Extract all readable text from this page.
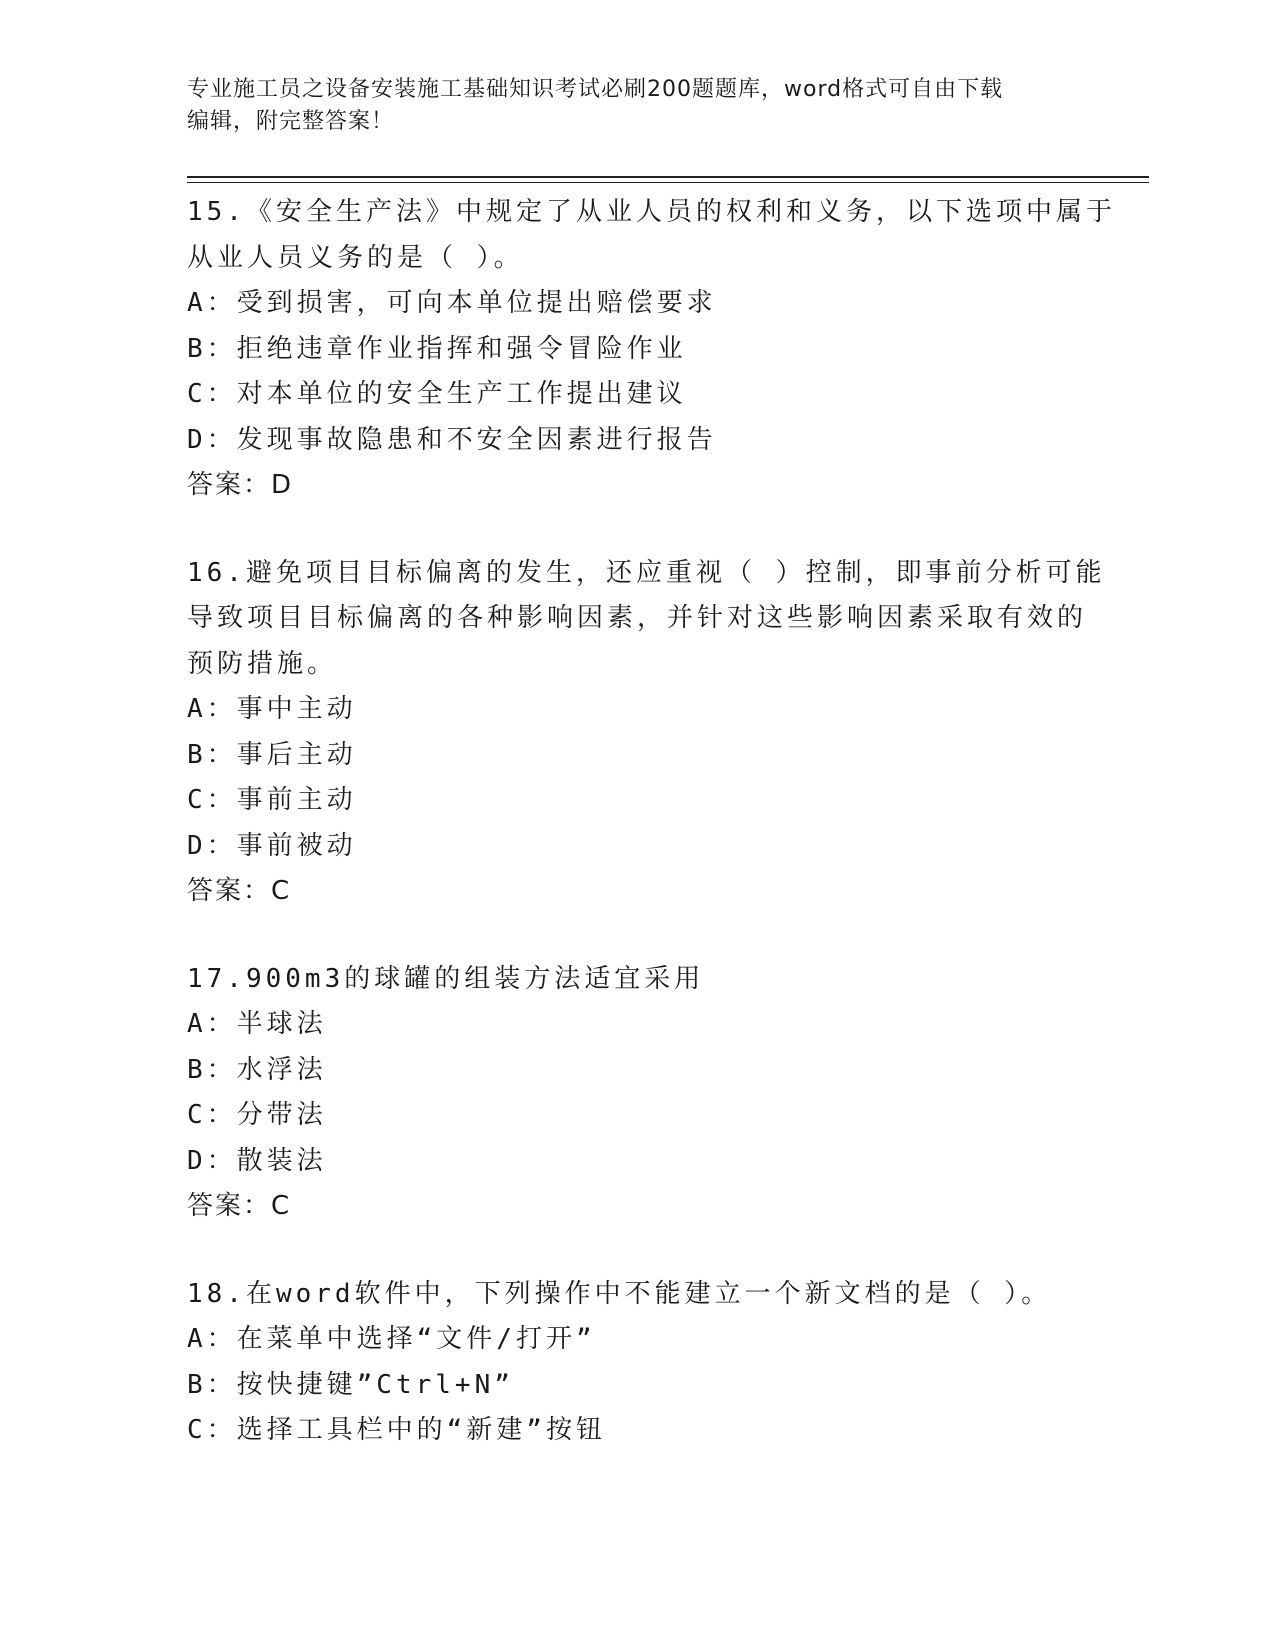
专业施工员之设备安装施工基础知识考试必刷200题题库，word格式可自由下载
编辑，附完整答案！
15.《安全生产法》中规定了从业人员的权利和义务，以下选项中属于
从业人员义务的是（ ）。
A：受到损害，可向本单位提出赔偿要求
B：拒绝违章作业指挥和强令冒险作业
C：对本单位的安全生产工作提出建议
D：发现事故隐患和不安全因素进行报告
答案：D
16.避免项目目标偏离的发生，还应重视（ ）控制，即事前分析可能
导致项目目标偏离的各种影响因素，并针对这些影响因素采取有效的
预防措施。
A：事中主动
B：事后主动
C：事前主动
D：事前被动
答案：C
17.900m3的球罐的组装方法适宜采用
A：半球法
B：水浮法
C：分带法
D：散装法
答案：C
18.在word软件中，下列操作中不能建立一个新文档的是（ ）。
A：在菜单中选择“文件/打开”
B：按快捷键”Ctrl+N”
C：选择工具栏中的“新建”按钮
